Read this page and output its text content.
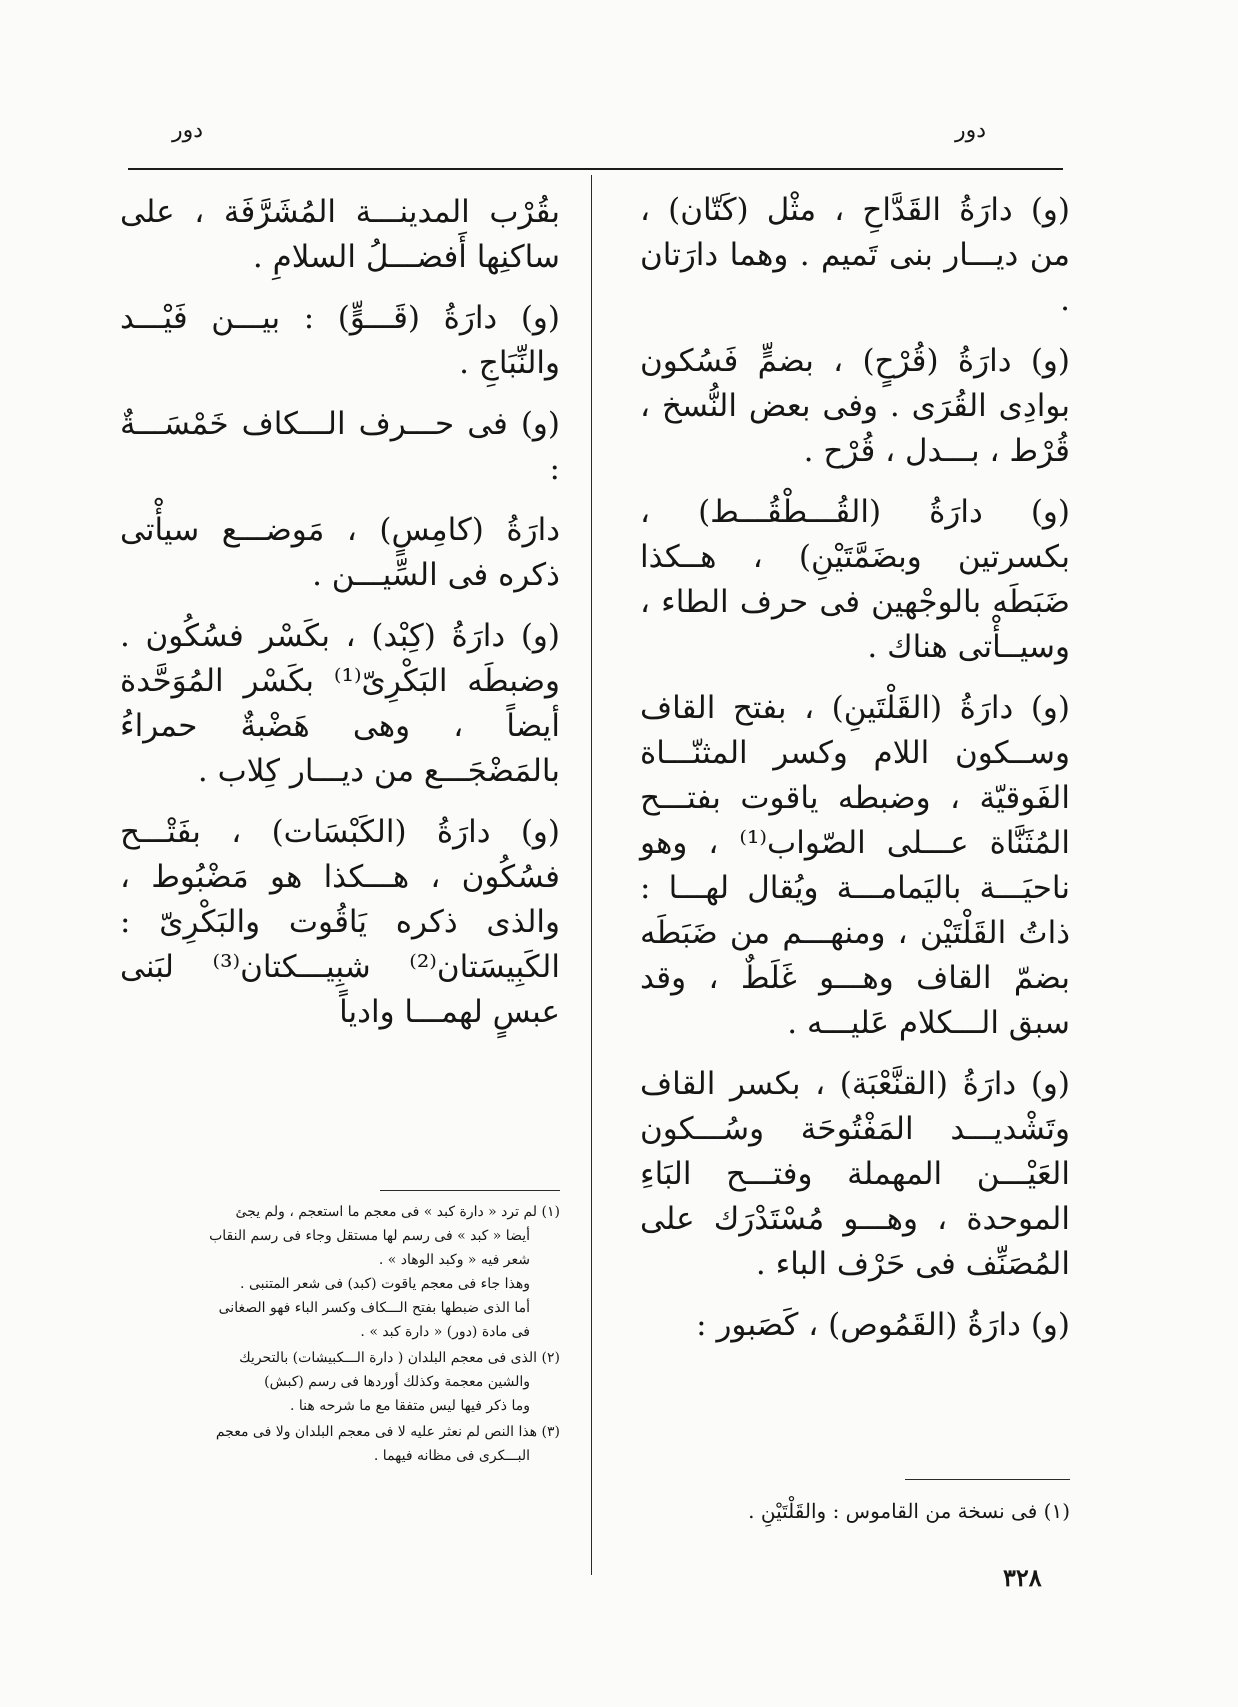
دور	دور

(و) دارَةُ القَدَّاحِ ، مثْل (كَتّان) ، من ديـــار بنى تَميم . وهما دارَتان .

(و) دارَةُ (قُرْحٍ) ، بضمٍّ فَسُكون بوادِى القُرَى . وفى بعض النُّسخ ، قُرْط ، بـــدل ، قُرْح .

(و) دارَةُ (القُـــطْقُـــط) ، بكسرتين وبضَمَّتَيْنِ) ، هــكذا ضَبَطَه بالوجْهين فى حرف الطاء ، وسيــأْتى هناك .

(و) دارَةُ (القَلْتَينِ) ، بفتح القاف وســكون اللام وكسر المثنّـــاة الفَوقيّة ، وضبطه ياقوت بفتـــح المُثَنَّاة عـــلى الصّواب⁽¹⁾ ، وهو ناحيَـــة باليَمامـــة ويُقال لهـــا : ذاتُ القَلْتَيْن ، ومنهـــم من ضَبَطَه بضمّ القاف وهـــو غَلَطٌ ، وقد سبق الـــكلام عَليـــه .

(و) دارَةُ (القنَّعْبَة) ، بكسر القاف وتَشْديـــد المَفْتُوحَة وسُـــكون العَيْـــن المهملة وفتـــح البَاءِ الموحدة ، وهـــو مُسْتَدْرَك على المُصَنِّف فى حَرْف الباء .

(و) دارَةُ (القَمُوص) ، كَصَبور :

بقُرْب المدينـــة المُشَرَّفَة ، على ساكنِها أَفضـــلُ السلامِ .

(و) دارَةُ (قَـــوٍّ) : بيـــن فَيْـــد والنِّبَاجِ .

(و) فى حـــرف الـــكاف خَمْسَـــةٌ :

دارَةُ (كامِسٍ) ، مَوضـــع سيأْتى ذكره فى السِّيـــن .

(و) دارَةُ (كِبْد) ، بكَسْر فسُكُون . وضبطَه البَكْرِىّ⁽¹⁾ بكَسْر المُوَحَّدة أيضاً ، وهى هَضْبةٌ حمراءُ بالمَضْجَـــع من ديـــار كِلاب .

(و) دارَةُ (الكَبْسَات) ، بفَتْـــح فسُكُون ، هـــكذا هو مَضْبُوط ، والذى ذكره يَاقُوت والبَكْرِىّ : الكَبِيسَتان⁽²⁾ شبِيـــكتان⁽³⁾ لبَنى عبسٍ لهمـــا وادياً

(١) لم ترد « دارة كبد » فى معجم ما استعجم ، ولم يجئ

أيضا « كبد » فى رسم لها مستقل وجاء فى رسم النقاب

شعر فيه « وكبد الوهاد » .

وهذا جاء فى معجم ياقوت (كبد) فى شعر المتنبى .

أما الذى ضبطها بفتح الـــكاف وكسر الباء فهو الصغانى

فى مادة (دور) « دارة كبد » .

(٢) الذى فى معجم البلدان ( دارة الـــكبيشات) بالتحريك

والشين معجمة وكذلك أوردها فى رسم (كبش)

وما ذكر فيها ليس متفقا مع ما شرحه هنا .

(٣) هذا النص لم نعثر عليه لا فى معجم البلدان ولا فى معجم

البـــكرى فى مظانه فيهما .

(١) فى نسخة من القاموس : والقَلْتَيْنِ .
٣٢٨
